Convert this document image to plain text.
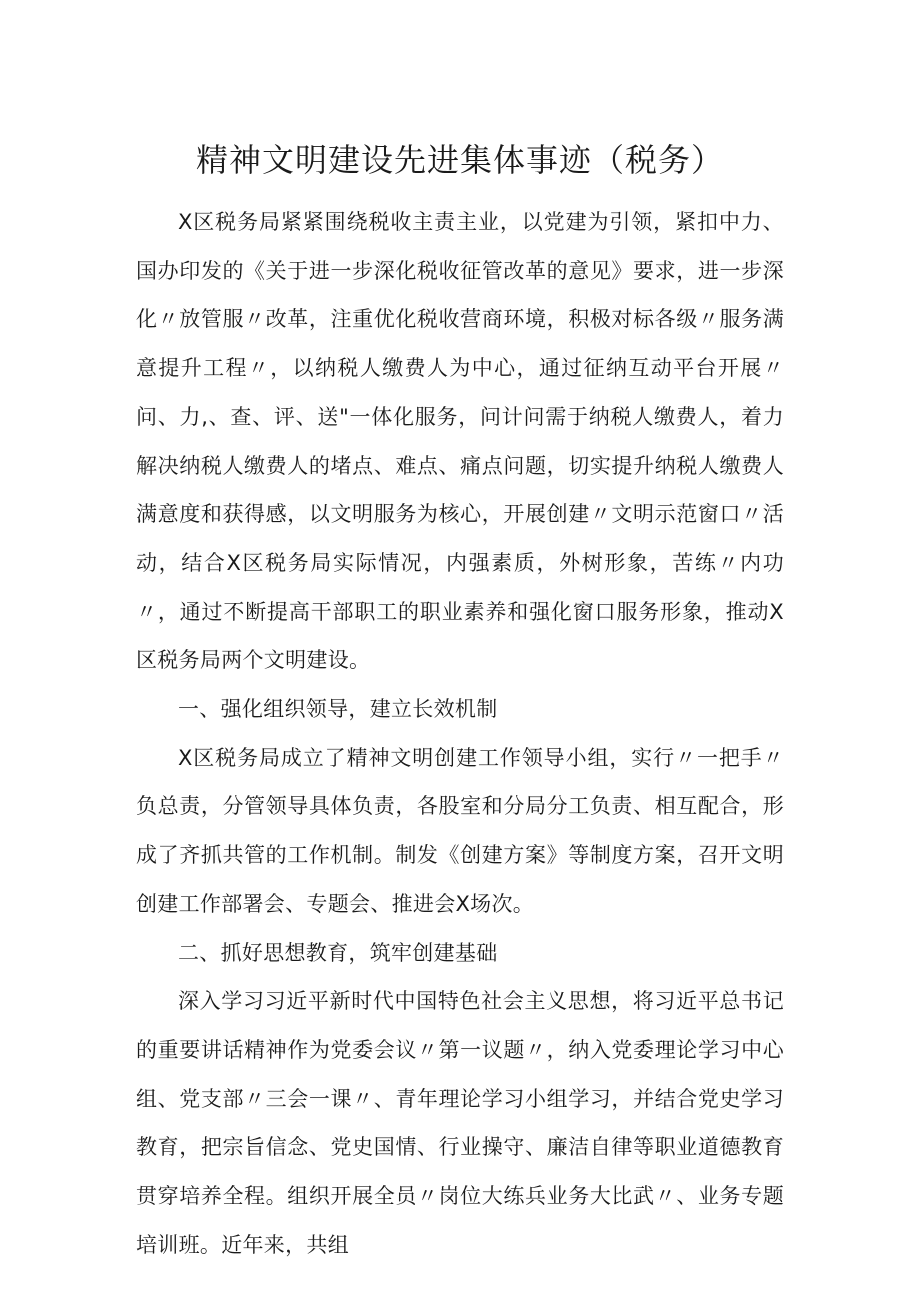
精神文明建设先进集体事迹（税务）

X区税务局紧紧围绕税收主责主业，以党建为引领，紧扣中力、国办印发的《关于进一步深化税收征管改革的意见》要求，进一步深化〃放管服〃改革，注重优化税收营商环境，积极对标各级〃服务满意提升工程〃，以纳税人缴费人为中心，通过征纳互动平台开展〃问、力,、查、评、送"一体化服务，问计问需于纳税人缴费人，着力解决纳税人缴费人的堵点、难点、痛点问题，切实提升纳税人缴费人满意度和获得感，以文明服务为核心，开展创建〃文明示范窗口〃活动，结合X区税务局实际情况，内强素质，外树形象，苦练〃内功〃，通过不断提高干部职工的职业素养和强化窗口服务形象，推动X区税务局两个文明建设。

一、强化组织领导，建立长效机制

X区税务局成立了精神文明创建工作领导小组，实行〃一把手〃负总责，分管领导具体负责，各股室和分局分工负责、相互配合，形成了齐抓共管的工作机制。制发《创建方案》等制度方案，召开文明创建工作部署会、专题会、推进会X场次。

二、抓好思想教育，筑牢创建基础

深入学习习近平新时代中国特色社会主义思想，将习近平总书记的重要讲话精神作为党委会议〃第一议题〃，纳入党委理论学习中心组、党支部〃三会一课〃、青年理论学习小组学习，并结合党史学习教育，把宗旨信念、党史国情、行业操守、廉洁自律等职业道德教育贯穿培养全程。组织开展全员〃岗位大练兵业务大比武〃、业务专题培训班。近年来，共组
